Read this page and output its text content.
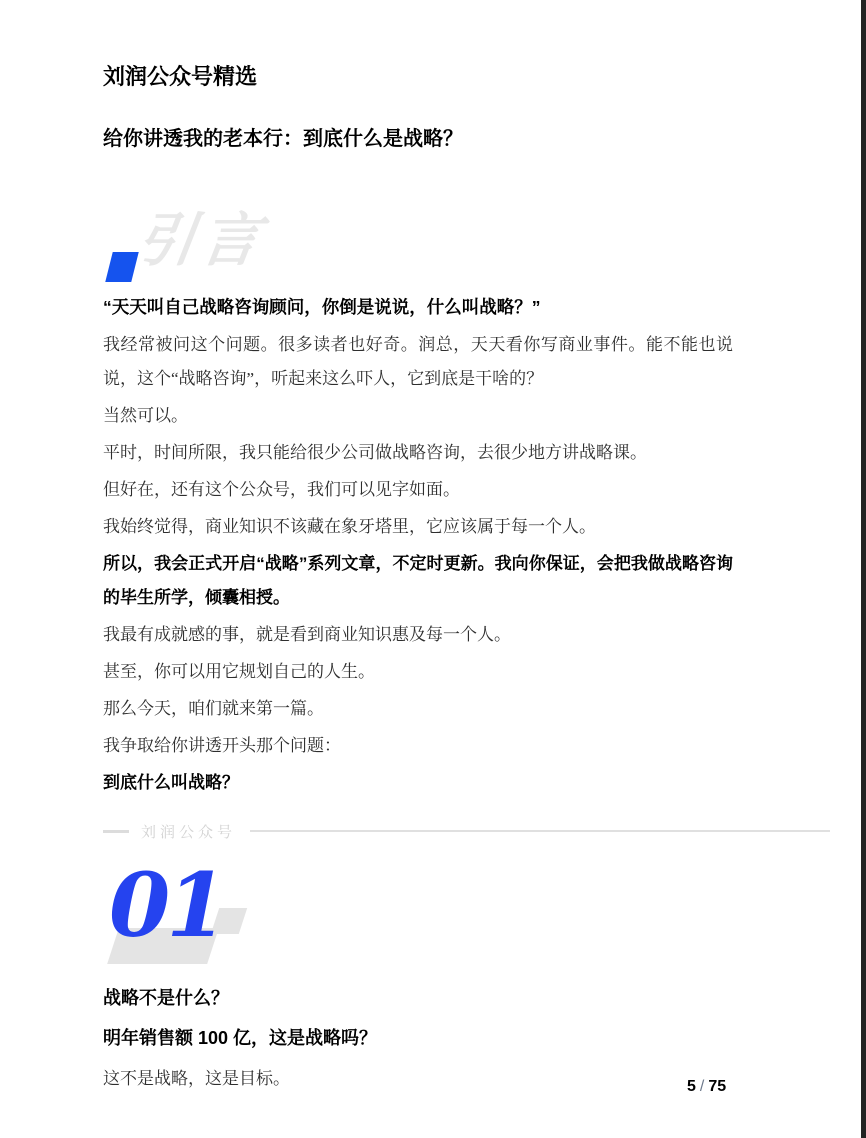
刘润公众号精选
给你讲透我的老本行：到底什么是战略？
引言

“天天叫自己战略咨询顾问，你倒是说说，什么叫战略？”

我经常被问这个问题。很多读者也好奇。润总，天天看你写商业事件。能不能也说说，这个“战略咨询”，听起来这么吓人，它到底是干啥的？

当然可以。

平时，时间所限，我只能给很少公司做战略咨询，去很少地方讲战略课。

但好在，还有这个公众号，我们可以见字如面。

我始终觉得，商业知识不该藏在象牙塔里，它应该属于每一个人。

所以，我会正式开启“战略”系列文章，不定时更新。我向你保证，会把我做战略咨询的毕生所学，倾囊相授。

我最有成就感的事，就是看到商业知识惠及每一个人。

甚至，你可以用它规划自己的人生。

那么今天，咱们就来第一篇。

我争取给你讲透开头那个问题：

到底什么叫战略？

刘润公众号
01
战略不是什么？
明年销售额 100 亿，这是战略吗？

这不是战略，这是目标。	5 / 75
